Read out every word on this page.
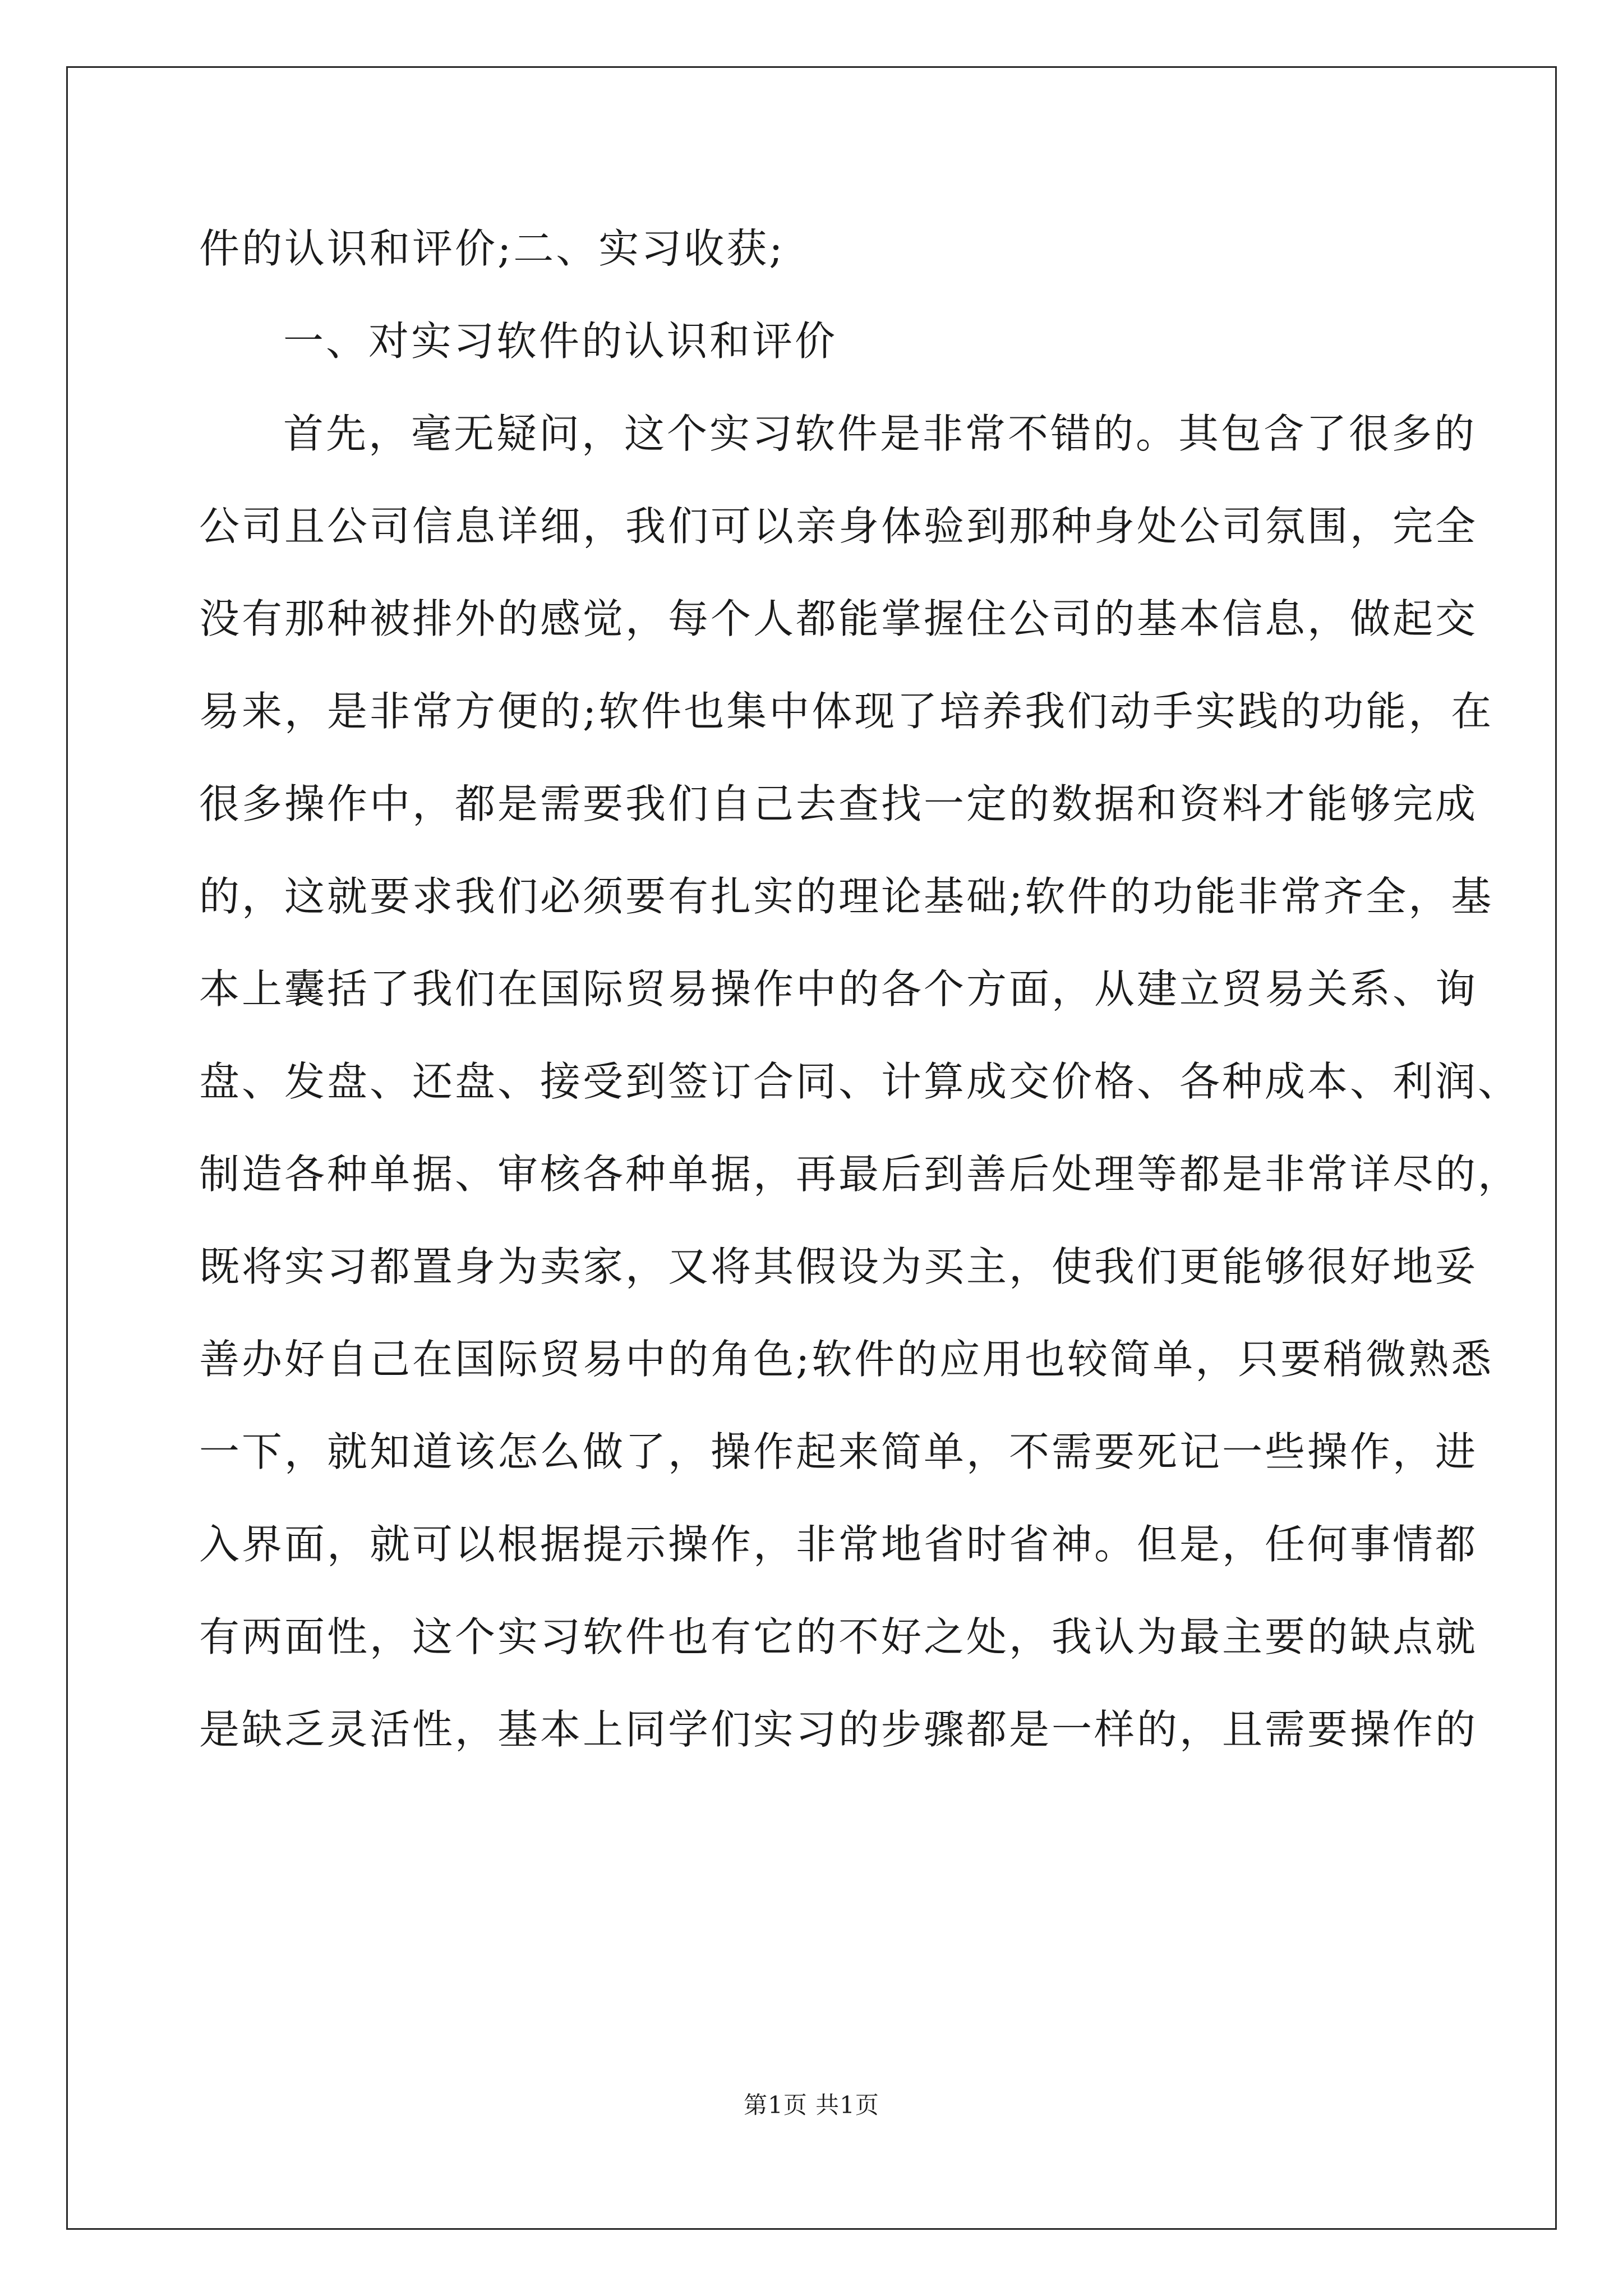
件的认识和评价;二、实习收获;
一、对实习软件的认识和评价
首先，毫无疑问，这个实习软件是非常不错的。其包含了很多的
公司且公司信息详细，我们可以亲身体验到那种身处公司氛围，完全
没有那种被排外的感觉，每个人都能掌握住公司的基本信息，做起交
易来，是非常方便的;软件也集中体现了培养我们动手实践的功能，在
很多操作中，都是需要我们自己去查找一定的数据和资料才能够完成
的，这就要求我们必须要有扎实的理论基础;软件的功能非常齐全，基
本上囊括了我们在国际贸易操作中的各个方面，从建立贸易关系、询
盘、发盘、还盘、接受到签订合同、计算成交价格、各种成本、利润、
制造各种单据、审核各种单据，再最后到善后处理等都是非常详尽的，
既将实习都置身为卖家，又将其假设为买主，使我们更能够很好地妥
善办好自己在国际贸易中的角色;软件的应用也较简单，只要稍微熟悉
一下，就知道该怎么做了，操作起来简单，不需要死记一些操作，进
入界面，就可以根据提示操作，非常地省时省神。但是，任何事情都
有两面性，这个实习软件也有它的不好之处，我认为最主要的缺点就
是缺乏灵活性，基本上同学们实习的步骤都是一样的，且需要操作的
第1页 共1页
